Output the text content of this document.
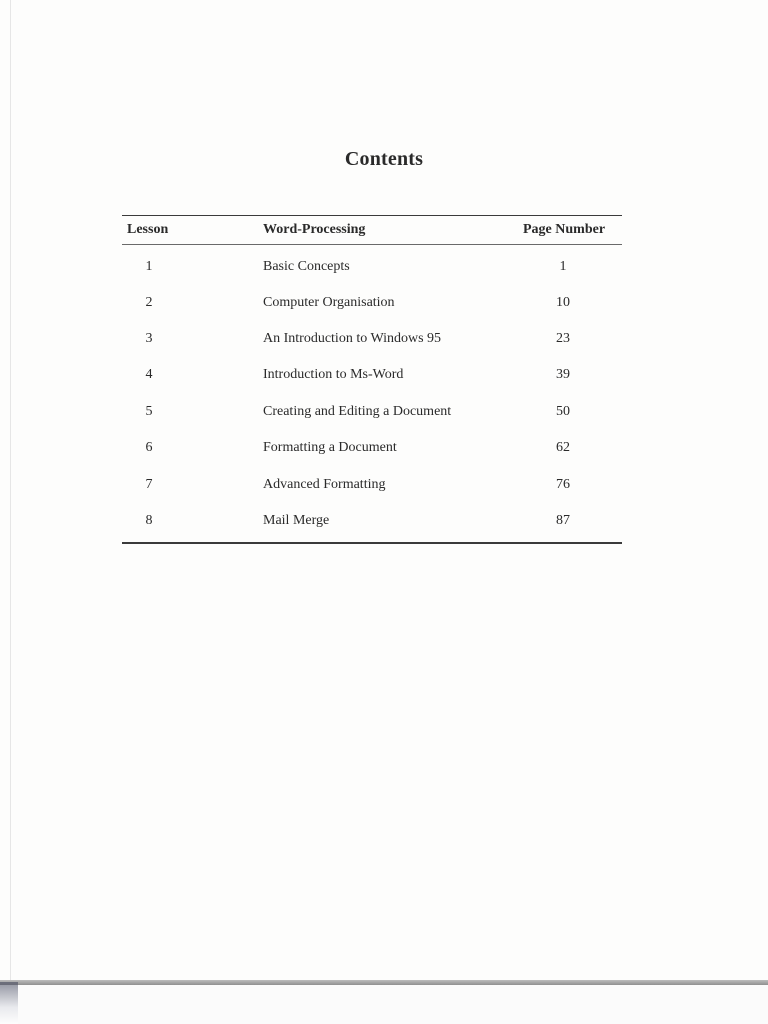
Contents
Lesson	Word-Processing	Page Number
1	Basic Concepts	1
2	Computer Organisation	10
3	An Introduction to Windows 95	23
4	Introduction to Ms-Word	39
5	Creating and Editing a Document	50
6	Formatting a Document	62
7	Advanced Formatting	76
8	Mail Merge	87
